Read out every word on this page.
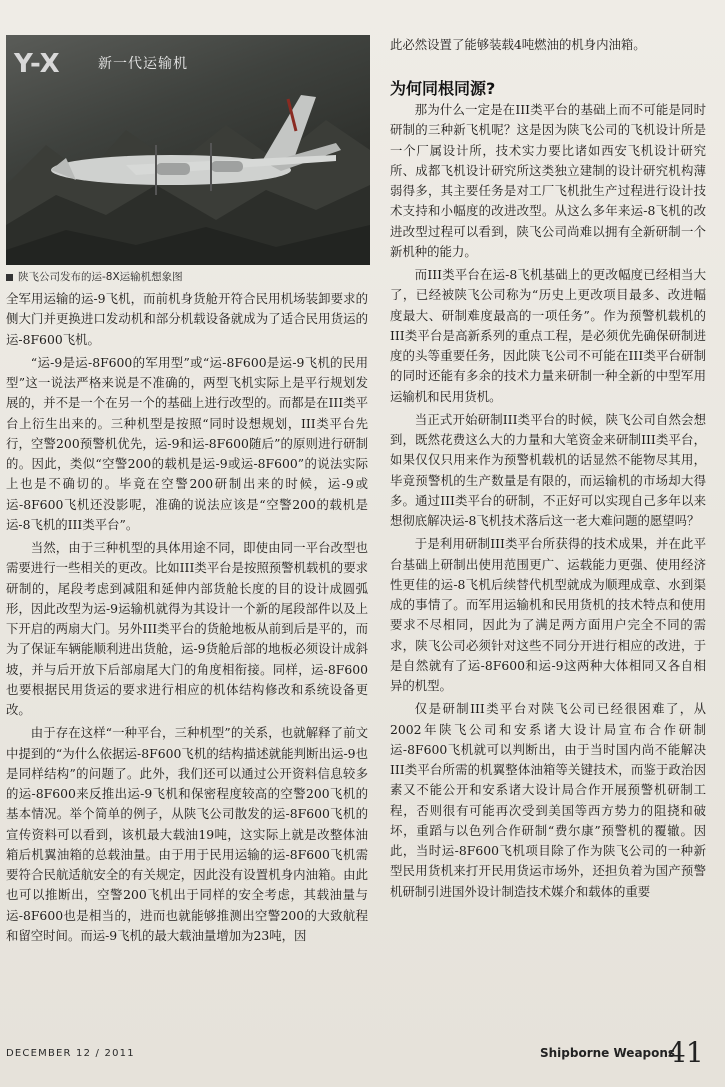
Y-X	新一代运输机
陕飞公司发布的运-8X运输机想象图

全军用运输的运-9飞机，而前机身货舱开符合民用机场装卸要求的侧大门并更换进口发动机和部分机载设备就成为了适合民用货运的运-8F600飞机。

“运-9是运-8F600的军用型”或“运-8F600是运-9飞机的民用型”这一说法严格来说是不准确的，两型飞机实际上是平行规划发展的，并不是一个在另一个的基础上进行改型的。而都是在III类平台上衍生出来的。三种机型是按照“同时设想规划，III类平台先行，空警200预警机优先，运-9和运-8F600随后”的原则进行研制的。因此，类似“空警200的载机是运-9或运-8F600”的说法实际上也是不确切的。毕竟在空警200研制出来的时候，运-9或运-8F600飞机还没影呢，准确的说法应该是“空警200的载机是运-8飞机的III类平台”。

当然，由于三种机型的具体用途不同，即使由同一平台改型也需要进行一些相关的更改。比如III类平台是按照预警机载机的要求研制的，尾段考虑到减阻和延伸内部货舱长度的目的设计成圆弧形，因此改型为运-9运输机就得为其设计一个新的尾段部件以及上下开启的两扇大门。另外III类平台的货舱地板从前到后是平的，而为了保证车辆能顺利进出货舱，运-9货舱后部的地板必须设计成斜坡，并与后开放下后部扇尾大门的角度相衔接。同样，运-8F600也要根据民用货运的要求进行相应的机体结构修改和系统设备更改。

由于存在这样“一种平台，三种机型”的关系，也就解释了前文中提到的“为什么依据运-8F600飞机的结构描述就能判断出运-9也是同样结构”的问题了。此外，我们还可以通过公开资料信息较多的运-8F600来反推出运-9飞机和保密程度较高的空警200飞机的基本情况。举个简单的例子，从陕飞公司散发的运-8F600飞机的宣传资料可以看到，该机最大载油19吨，这实际上就是改整体油箱后机翼油箱的总载油量。由于用于民用运输的运-8F600飞机需要符合民航适航安全的有关规定，因此没有设置机身内油箱。由此也可以推断出，空警200飞机出于同样的安全考虑，其载油量与运-8F600也是相当的，进而也就能够推测出空警200的大致航程和留空时间。而运-9飞机的最大载油量增加为23吨，因

此必然设置了能够装载4吨燃油的机身内油箱。
为何同根同源?

那为什么一定是在III类平台的基础上而不可能是同时研制的三种新飞机呢？这是因为陕飞公司的飞机设计所是一个厂属设计所，技术实力要比诸如西安飞机设计研究所、成都飞机设计研究所这类独立建制的设计研究机构薄弱得多，其主要任务是对工厂飞机批生产过程进行设计技术支持和小幅度的改进改型。从这么多年来运-8飞机的改进改型过程可以看到，陕飞公司尚难以拥有全新研制一个新机种的能力。

而III类平台在运-8飞机基础上的更改幅度已经相当大了，已经被陕飞公司称为“历史上更改项目最多、改进幅度最大、研制难度最高的一项任务”。作为预警机载机的III类平台是高新系列的重点工程，是必须优先确保研制进度的头等重要任务，因此陕飞公司不可能在III类平台研制的同时还能有多余的技术力量来研制一种全新的中型军用运输机和民用货机。

当正式开始研制III类平台的时候，陕飞公司自然会想到，既然花费这么大的力量和大笔资金来研制III类平台，如果仅仅只用来作为预警机载机的话显然不能物尽其用，毕竟预警机的生产数量是有限的，而运输机的市场却大得多。通过III类平台的研制，不正好可以实现自己多年以来想彻底解决运-8飞机技术落后这一老大难问题的愿望吗？

于是利用研制III类平台所获得的技术成果，并在此平台基础上研制出使用范围更广、运载能力更强、使用经济性更佳的运-8飞机后续替代机型就成为顺理成章、水到渠成的事情了。而军用运输机和民用货机的技术特点和使用要求不尽相同，因此为了满足两方面用户完全不同的需求，陕飞公司必须针对这些不同分开进行相应的改进，于是自然就有了运-8F600和运-9这两种大体相同又各自相异的机型。

仅是研制III类平台对陕飞公司已经很困难了，从2002年陕飞公司和安系诸大设计局宣布合作研制运-8F600飞机就可以判断出，由于当时国内尚不能解决III类平台所需的机翼整体油箱等关键技术，而鉴于政治因素又不能公开和安系诸大设计局合作开展预警机研制工程，否则很有可能再次受到美国等西方势力的阻挠和破坏，重蹈与以色列合作研制“费尔康”预警机的覆辙。因此，当时运-8F600飞机项目除了作为陕飞公司的一种新型民用货机来打开民用货运市场外，还担负着为国产预警机研制引进国外设计制造技术媒介和载体的重要

DECEMBER 12 / 2011	Shipborne Weapons
41
